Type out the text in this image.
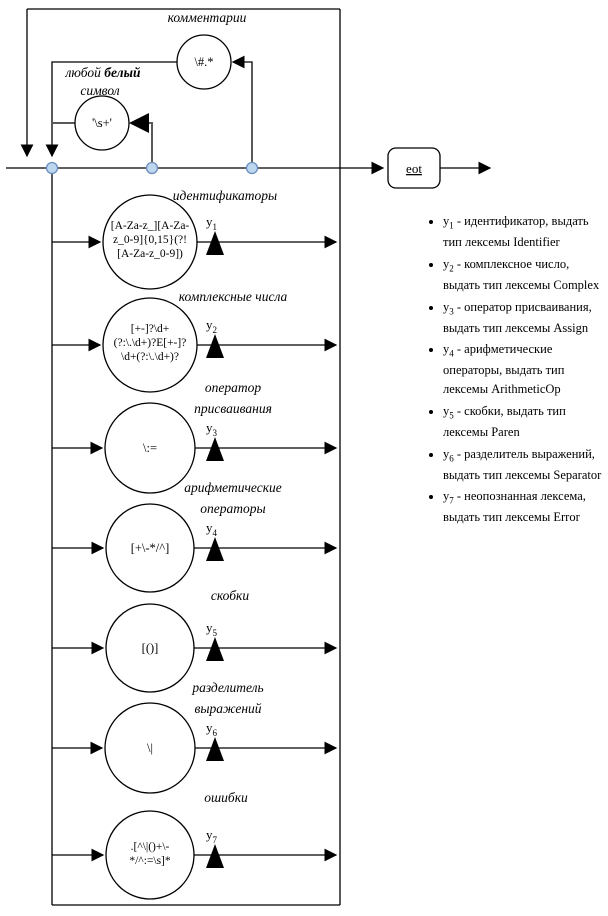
eot
\#.*
комментарии
'\s+'
любой белый
символ
[A-Za-z_][A-Za-
z_0-9]{0,15}(?!
[A-Za-z_0-9])
$y_1$
идентификаторы
[+-]?\d+
(?:\.\d+)?E[+-]?
\d+(?:\.\d+)?
$y_2$
комплексные числа
\:=
$y_3$
оператор
присваивания
[+\-*/^]
$y_4$
арифметические
операторы
[()]
$y_5$
скобки
\|
$y_6$
разделитель
выражений
.[^\|()+\-
*/^:=\s]*
$y_7$
ошибки
• $y_1$ - идентификатор, выдать тип лексемы Identifier
• $y_2$ - комплексное число, выдать тип лексемы Complex
• $y_3$ - оператор присваивания, выдать тип лексемы Assign
• $y_4$ - арифметические операторы, выдать тип лексемы ArithmeticOp
• $y_5$ - скобки, выдать тип лексемы Paren
• $y_6$ - разделитель выражений, выдать тип лексемы Separator
• $y_7$ - неопознанная лексема, выдать тип лексемы Error
